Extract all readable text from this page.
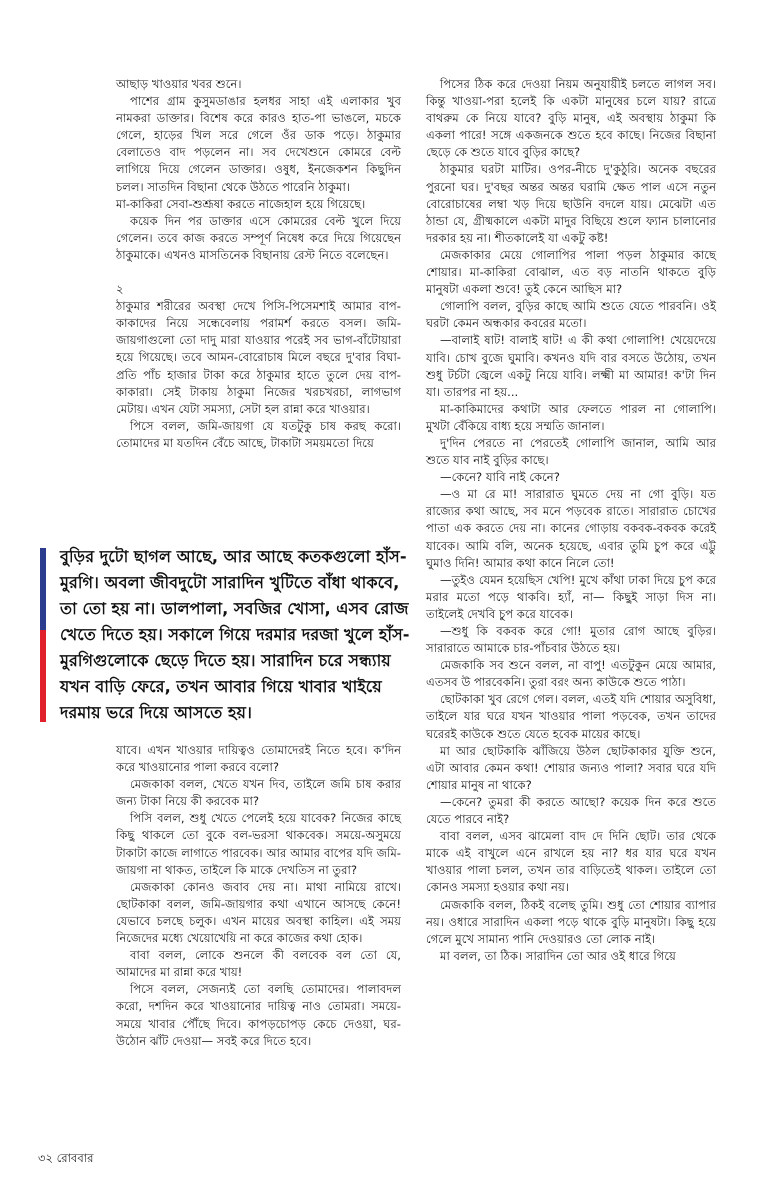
আছাড় খাওয়ার খবর শুনে।

পাশের গ্রাম কুসুমডাঙার হলধর সাহা এই এলাকার খুব নামকরা ডাক্তার। বিশেষ করে কারও হাত-পা ভাঙলে, মচকে গেলে, হাড়ের খিল সরে গেলে ওঁর ডাক পড়ে। ঠাকুমার বেলাতেও বাদ পড়লেন না। সব দেখেশুনে কোমরে বেল্ট লাগিয়ে দিয়ে গেলেন ডাক্তার। ওষুধ, ইনজেকশন কিছুদিন চলল। সাতদিন বিছানা থেকে উঠতে পারেনি ঠাকুমা।

মা-কাকিরা সেবা-শুশ্রূষা করতে নাজেহাল হয়ে গিয়েছে।

কয়েক দিন পর ডাক্তার এসে কোমরের বেল্ট খুলে দিয়ে গেলেন। তবে কাজ করতে সম্পূর্ণ নিষেধ করে দিয়ে গিয়েছেন ঠাকুমাকে। এখনও মাসতিনেক বিছানায় রেস্ট নিতে বলেছেন।

২

ঠাকুমার শরীরের অবস্থা দেখে পিসি-পিসেমশাই আমার বাপ-কাকাদের নিয়ে সন্ধেবেলায় পরামর্শ করতে বসল। জমি-জায়গাগুলো তো দাদু মারা যাওয়ার পরেই সব ভাগ-বাঁটোয়ারা হয়ে গিয়েছে। তবে আমন-বোরোচাষ মিলে বছরে দু'বার বিঘা-প্রতি পাঁচ হাজার টাকা করে ঠাকুমার হাতে তুলে দেয় বাপ-কাকারা। সেই টাকায় ঠাকুমা নিজের খরচখরচা, লাগভাগ মেটায়। এখন যেটা সমস্যা, সেটা হল রান্না করে খাওয়ার।

পিসে বলল, জমি-জায়গা যে যতটুকু চাষ করছ করো। তোমাদের মা যতদিন বেঁচে আছে, টাকাটা সময়মতো দিয়ে

বুড়ির দুটো ছাগল আছে, আর আছে কতকগুলো হাঁস-মুরগি। অবলা জীবদুটো সারাদিন খুটিতে বাঁধা থাকবে, তা তো হয় না। ডালপালা, সবজির খোসা, এসব রোজ খেতে দিতে হয়। সকালে গিয়ে দরমার দরজা খুলে হাঁস-মুরগিগুলোকে ছেড়ে দিতে হয়। সারাদিন চরে সন্ধ্যায় যখন বাড়ি ফেরে, তখন আবার গিয়ে খাবার খাইয়ে দরমায় ভরে দিয়ে আসতে হয়।

যাবে। এখন খাওয়ার দায়িত্বও তোমাদেরই নিতে হবে। ক'দিন করে খাওয়ানোর পালা করবে বলো?

মেজকাকা বলল, খেতে যখন দিব, তাইলে জমি চাষ করার জন্য টাকা নিয়ে কী করবেক মা?

পিসি বলল, শুধু খেতে পেলেই হয়ে যাবেক? নিজের কাছে কিছু থাকলে তো বুকে বল-ভরসা থাকবেক। সময়ে-অসুময়ে টাকাটা কাজে লাগাতে পারবেক। আর আমার বাপের যদি জমি-জায়গা না থাকত, তাইলে কি মাকে দেখতিস না তুরা?

মেজকাকা কোনও জবাব দেয় না। মাথা নামিয়ে রাখে। ছোটকাকা বলল, জমি-জায়গার কথা এখানে আসছে কেনে! যেভাবে চলছে চলুক। এখন মায়ের অবস্থা কাহিল। এই সময় নিজেদের মধ্যে খেয়োখেয়ি না করে কাজের কথা হোক।

বাবা বলল, লোকে শুনলে কী বলবেক বল তো যে, আমাদের মা রান্না করে খায়!

পিসে বলল, সেজন্যই তো বলছি তোমাদের। পালাবদল করো, দশদিন করে খাওয়ানোর দায়িত্ব নাও তোমরা। সময়ে-সময়ে খাবার পৌঁছে দিবে। কাপড়চোপড় কেচে দেওয়া, ঘর-উঠোন ঝাঁট দেওয়া— সবই করে দিতে হবে।

পিসের ঠিক করে দেওয়া নিয়ম অনুযায়ীই চলতে লাগল সব। কিন্তু খাওয়া-পরা হলেই কি একটা মানুষের চলে যায়? রাত্রে বাথরুম কে নিয়ে যাবে? বুড়ি মানুষ, এই অবস্থায় ঠাকুমা কি একলা পারে! সঙ্গে একজনকে শুতে হবে কাছে। নিজের বিছানা ছেড়ে কে শুতে যাবে বুড়ির কাছে?

ঠাকুমার ঘরটা মাটির। ওপর-নীচে দু'কুঠুরি। অনেক বছরের পুরনো ঘর। দু'বছর অন্তর অন্তর ঘরামি ক্ষেত পাল এসে নতুন বোরোচাষের লম্বা খড় দিয়ে ছাউনি বদলে যায়। মেঝেটা এত ঠান্ডা যে, গ্রীষ্মকালে একটা মাদুর বিছিয়ে শুলে ফ্যান চালানোর দরকার হয় না। শীতকালেই যা একটু কষ্ট!

মেজকাকার মেয়ে গোলাপির পালা পড়ল ঠাকুমার কাছে শোয়ার। মা-কাকিরা বোঝাল, এত বড় নাতনি থাকতে বুড়ি মানুষটা একলা শুবে! তুই কেনে আছিস মা?

গোলাপি বলল, বুড়ির কাছে আমি শুতে যেতে পারবনি। ওই ঘরটা কেমন অন্ধকার কবরের মতো।

—বালাই ষাট! বালাই ষাট! এ কী কথা গোলাপি! খেয়েদেয়ে যাবি। চোখ বুজে ঘুমাবি। কখনও যদি বার বসতে উঠোয়, তখন শুধু টর্চটা জ্বেলে একটু নিয়ে যাবি। লক্ষ্মী মা আমার! ক'টা দিন যা। তারপর না হয়...

মা-কাকিমাদের কথাটা আর ফেলতে পারল না গোলাপি। মুখটা বেঁকিয়ে বাধ্য হয়ে সম্মতি জানাল।

দু'দিন পেরতে না পেরতেই গোলাপি জানাল, আমি আর শুতে যাব নাই বুড়ির কাছে।

—কেনে? যাবি নাই কেনে?

—ও মা রে মা! সারারাত ঘুমতে দেয় না গো বুড়ি। যত রাজ্যের কথা আছে, সব মনে পড়বেক রাতে। সারারাত চোখের পাতা এক করতে দেয় না। কানের গোড়ায় বকবক-বকবক করেই যাবেক। আমি বলি, অনেক হয়েছে, এবার তুমি চুপ করে এট্টু ঘুমাও দিনি! আমার কথা কানে নিলে তো!

—তুইও যেমন হয়েছিস খেপি! মুখে কাঁথা ঢাকা দিয়ে চুপ করে মরার মতো পড়ে থাকবি। হ্যাঁ, না— কিছুই সাড়া দিস না। তাইলেই দেখবি চুপ করে যাবেক।

—শুধু কি বকবক করে গো! মুতার রোগ আছে বুড়ির। সারারাতে আমাকে চার-পাঁচবার উঠতে হয়।

মেজকাকি সব শুনে বলল, না বাপু! এতটুকুন মেয়ে আমার, এতসব উ পারবেকনি। তুরা বরং অন্য কাউকে শুতে পাঠা।

ছোটকাকা খুব রেগে গেল। বলল, এতই যদি শোয়ার অসুবিধা, তাইলে যার ঘরে যখন খাওয়ার পালা পড়বেক, তখন তাদের ঘরেরই কাউকে শুতে যেতে হবেক মায়ের কাছে।

মা আর ছোটকাকি ঝাঁজিয়ে উঠল ছোটকাকার যুক্তি শুনে, এটা আবার কেমন কথা! শোয়ার জন্যও পালা? সবার ঘরে যদি শোয়ার মানুষ না থাকে?

—কেনে? তুমরা কী করতে আছো? কয়েক দিন করে শুতে যেতে পারবে নাই?

বাবা বলল, এসব ঝামেলা বাদ দে দিনি ছোট। তার থেকে মাকে এই বাখুলে এনে রাখলে হয় না? ধর যার ঘরে যখন খাওয়ার পালা চলল, তখন তার বাড়িতেই থাকল। তাইলে তো কোনও সমস্যা হওয়ার কথা নয়।

মেজকাকি বলল, ঠিকই বলেছ তুমি। শুধু তো শোয়ার ব্যাপার নয়। ওধারে সারাদিন একলা পড়ে থাকে বুড়ি মানুষটা। কিছু হয়ে গেলে মুখে সামান্য পানি দেওয়ারও তো লোক নাই।

মা বলল, তা ঠিক। সারাদিন তো আর ওই ধারে গিয়ে

৩২ রোববার
